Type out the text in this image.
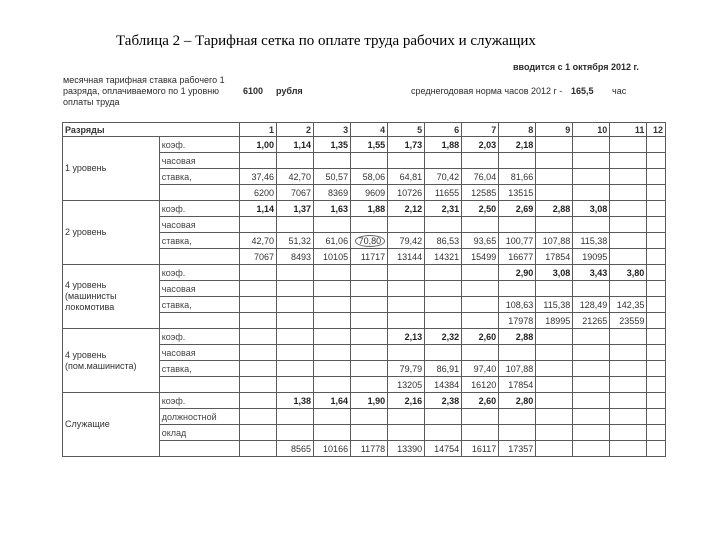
Таблица 2 – Тарифная сетка по оплате труда рабочих и служащих
вводится с 1 октября 2012 г.
месячная тарифная ставка рабочего 1 разряда, оплачиваемого по 1 уровню оплаты труда
6100 рубля	среднегодовая норма часов 2012 г - 165,5 час
Разряды		1	2	3	4	5	6	7	8	9	10	11	12
1 уровень	коэф.	1,00	1,14	1,35	1,55	1,73	1,88	2,03	2,18				
	часовая												
	ставка,	37,46	42,70	50,57	58,06	64,81	70,42	76,04	81,66				
		6200	7067	8369	9609	10726	11655	12585	13515				
2 уровень	коэф.	1,14	1,37	1,63	1,88	2,12	2,31	2,50	2,69	2,88	3,08		
	часовая												
	ставка,	42,70	51,32	61,06	70,80	79,42	86,53	93,65	100,77	107,88	115,38		
		7067	8493	10105	11717	13144	14321	15499	16677	17854	19095		
4 уровень (машинисты локомотива	коэф.								2,90	3,08	3,43	3,80	
	часовая												
	ставка,								108,63	115,38	128,49	142,35	
									17978	18995	21265	23559	
4 уровень (пом.машиниста)	коэф.					2,13	2,32	2,60	2,88				
	часовая												
	ставка,					79,79	86,91	97,40	107,88				
						13205	14384	16120	17854				
Служащие	коэф.		1,38	1,64	1,90	2,16	2,38	2,60	2,80				
	должностной												
	оклад												
			8565	10166	11778	13390	14754	16117	17357				
